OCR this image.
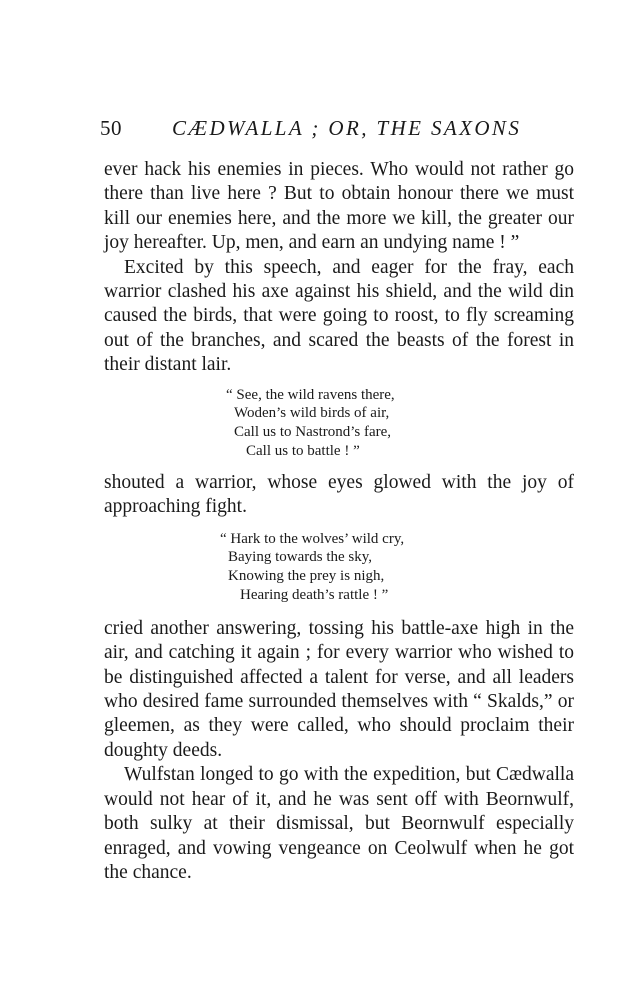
50 CÆDWALLA ; OR, THE SAXONS

ever hack his enemies in pieces. Who would not rather go there than live here ? But to obtain honour there we must kill our enemies here, and the more we kill, the greater our joy hereafter. Up, men, and earn an undying name ! ”

Excited by this speech, and eager for the fray, each warrior clashed his axe against his shield, and the wild din caused the birds, that were going to roost, to fly screaming out of the branches, and scared the beasts of the forest in their distant lair.

“ See, the wild ravens there,
Woden’s wild birds of air,
Call us to Nastrond’s fare,
Call us to battle ! ”

shouted a warrior, whose eyes glowed with the joy of approaching fight.

“ Hark to the wolves’ wild cry,
Baying towards the sky,
Knowing the prey is nigh,
Hearing death’s rattle ! ”

cried another answering, tossing his battle-axe high in the air, and catching it again ; for every warrior who wished to be distinguished affected a talent for verse, and all leaders who desired fame surrounded themselves with “ Skalds,” or gleemen, as they were called, who should proclaim their doughty deeds.

Wulfstan longed to go with the expedition, but Cædwalla would not hear of it, and he was sent off with Beornwulf, both sulky at their dismissal, but Beornwulf especially enraged, and vowing vengeance on Ceolwulf when he got the chance.
